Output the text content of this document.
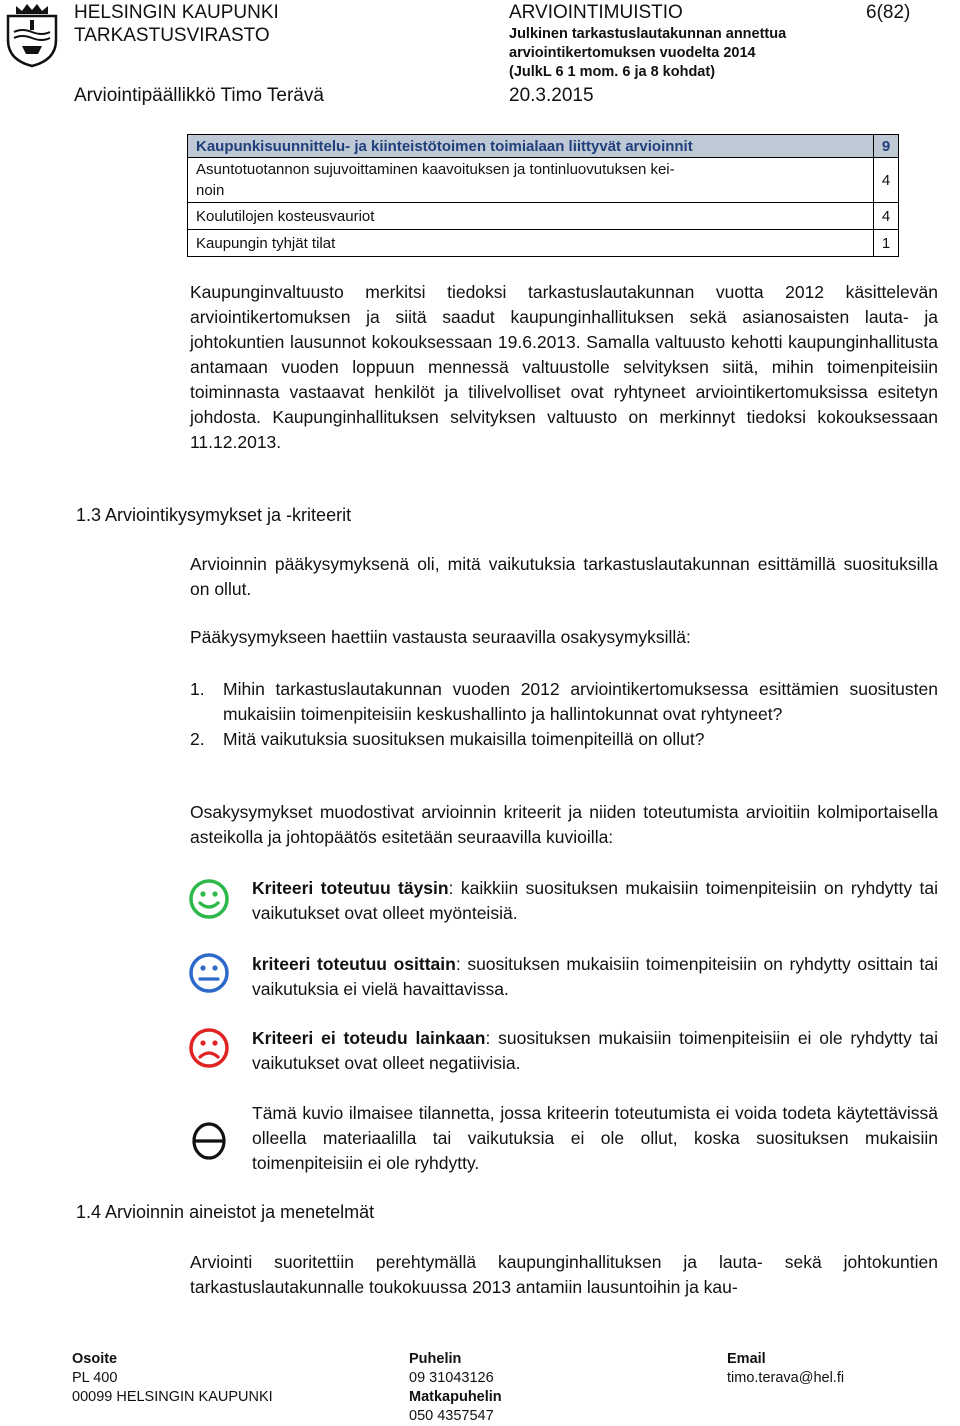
HELSINGIN KAUPUNKI
TARKASTUSVIRASTO
Arviointipäällikkö Timo Terävä
ARVIOINTIMUISTIO
Julkinen tarkastuslautakunnan annettua
arviointikertomuksen vuodelta 2014
(JulkL 6 1 mom. 6 ja 8 kohdat)
20.3.2015
6(82)
Kaupunkisuunnittelu- ja kiinteistötoimen toimialaan liittyvät arvioinnit	9
Asuntotuotannon sujuvoittaminen kaavoituksen ja tontinluovutuksen kei-
noin	4
Koulutilojen kosteusvauriot	4
Kaupungin tyhjät tilat	1
Kaupunginvaltuusto merkitsi tiedoksi tarkastuslautakunnan vuotta 2012 käsittelevän arviointikertomuksen ja siitä saadut kaupunginhallituksen sekä asianosaisten lauta- ja johtokuntien lausunnot kokouksessaan 19.6.2013. Samalla valtuusto kehotti kaupunginhallitusta antamaan vuoden loppuun mennessä valtuustolle selvityksen siitä, mihin toimenpiteisiin toiminnasta vastaavat henkilöt ja tilivelvolliset ovat ryhtyneet arviointikertomuksissa esitetyn johdosta. Kaupunginhallituksen selvityksen valtuusto on merkinnyt tiedoksi kokouksessaan 11.12.2013.
1.3 Arviointikysymykset ja -kriteerit
Arvioinnin pääkysymyksenä oli, mitä vaikutuksia tarkastuslautakunnan esittämillä suosituksilla on ollut.
Pääkysymykseen haettiin vastausta seuraavilla osakysymyksillä:
1. Mihin tarkastuslautakunnan vuoden 2012 arviointikertomuksessa esittämien suositusten mukaisiin toimenpiteisiin keskushallinto ja hallintokunnat ovat ryhtyneet?
2. Mitä vaikutuksia suosituksen mukaisilla toimenpiteillä on ollut?
Osakysymykset muodostivat arvioinnin kriteerit ja niiden toteutumista arvioitiin kolmiportaisella asteikolla ja johtopäätös esitetään seuraavilla kuvioilla:
Kriteeri toteutuu täysin: kaikkiin suosituksen mukaisiin toimenpiteisiin on ryhdytty tai vaikutukset ovat olleet myönteisiä.
kriteeri toteutuu osittain: suosituksen mukaisiin toimenpiteisiin on ryhdytty osittain tai vaikutuksia ei vielä havaittavissa.
Kriteeri ei toteudu lainkaan: suosituksen mukaisiin toimenpiteisiin ei ole ryhdytty tai vaikutukset ovat olleet negatiivisia.
Tämä kuvio ilmaisee tilannetta, jossa kriteerin toteutumista ei voida todeta käytettävissä olleella materiaalilla tai vaikutuksia ei ole ollut, koska suosituksen mukaisiin toimenpiteisiin ei ole ryhdytty.
1.4 Arvioinnin aineistot ja menetelmät
Arviointi suoritettiin perehtymällä kaupunginhallituksen ja lauta- sekä johtokuntien tarkastuslautakunnalle toukokuussa 2013 antamiin lausuntoihin ja kau-
Osoite
PL 400
00099 HELSINGIN KAUPUNKI
Puhelin
09 31043126
Matkapuhelin
050 4357547
Email
timo.terava@hel.fi
